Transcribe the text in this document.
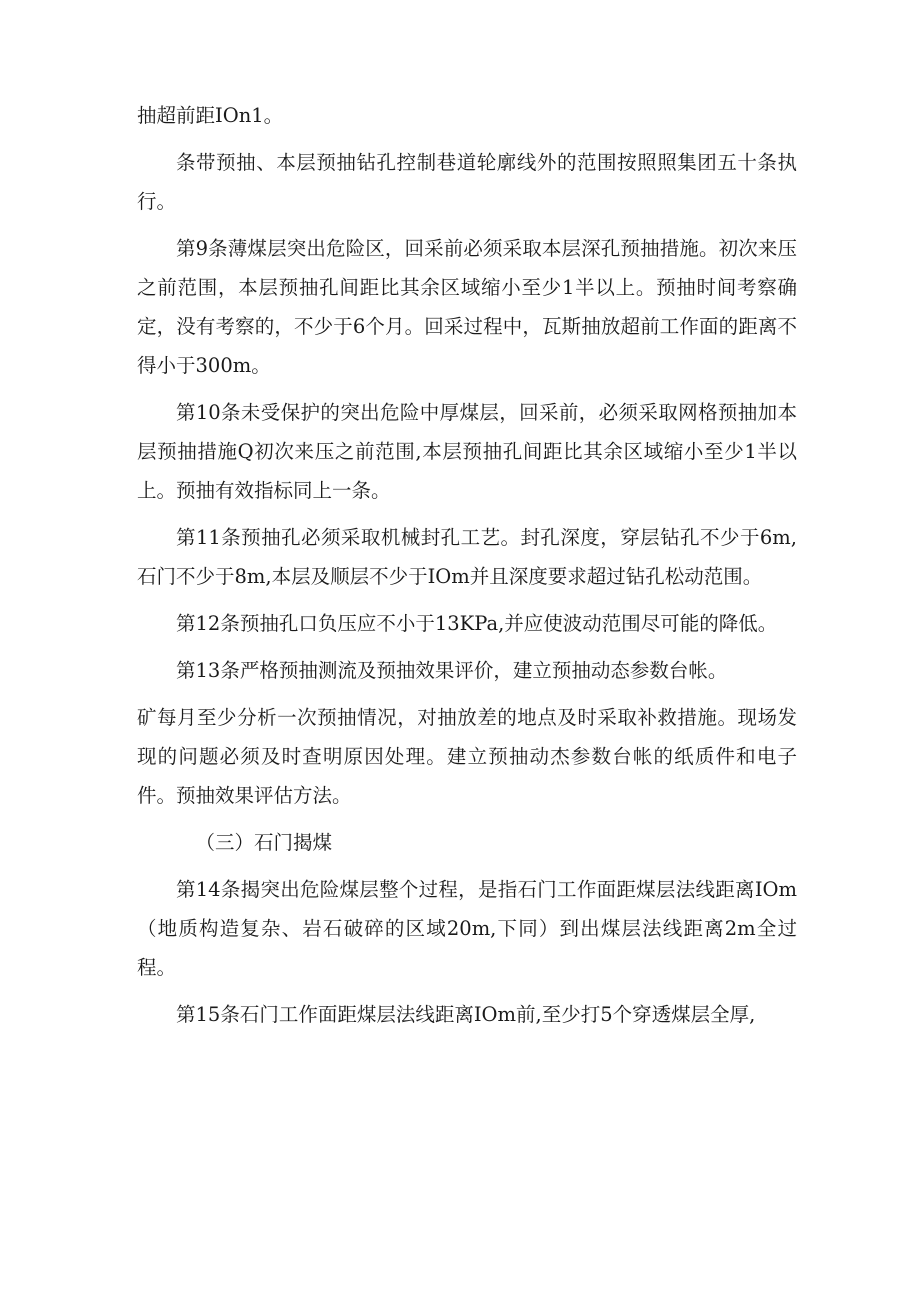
抽超前距IOn1。

条带预抽、本层预抽钻孔控制巷道轮廓线外的范围按照照集团五十条执行。

第9条薄煤层突出危险区，回采前必须采取本层深孔预抽措施。初次来压之前范围，本层预抽孔间距比其余区域缩小至少1半以上。预抽时间考察确定，没有考察的，不少于6个月。回采过程中，瓦斯抽放超前工作面的距离不得小于300m。

第10条未受保护的突出危险中厚煤层，回采前，必须采取网格预抽加本层预抽措施Q初次来压之前范围,本层预抽孔间距比其余区域缩小至少1半以上。预抽有效指标同上一条。

第11条预抽孔必须采取机械封孔工艺。封孔深度，穿层钻孔不少于6m,石门不少于8m,本层及顺层不少于IOm并且深度要求超过钻孔松动范围。

第12条预抽孔口负压应不小于13KPa,并应使波动范围尽可能的降低。

第13条严格预抽测流及预抽效果评价，建立预抽动态参数台帐。

矿每月至少分析一次预抽情况，对抽放差的地点及时采取补救措施。现场发现的问题必须及时查明原因处理。建立预抽动杰参数台帐的纸质件和电子件。预抽效果评估方法。

（三）石门揭煤

第14条揭突出危险煤层整个过程，是指石门工作面距煤层法线距离IOm（地质构造复杂、岩石破碎的区域20m,下同）到出煤层法线距离2m全过程。

第15条石门工作面距煤层法线距离IOm前,至少打5个穿透煤层全厚,
